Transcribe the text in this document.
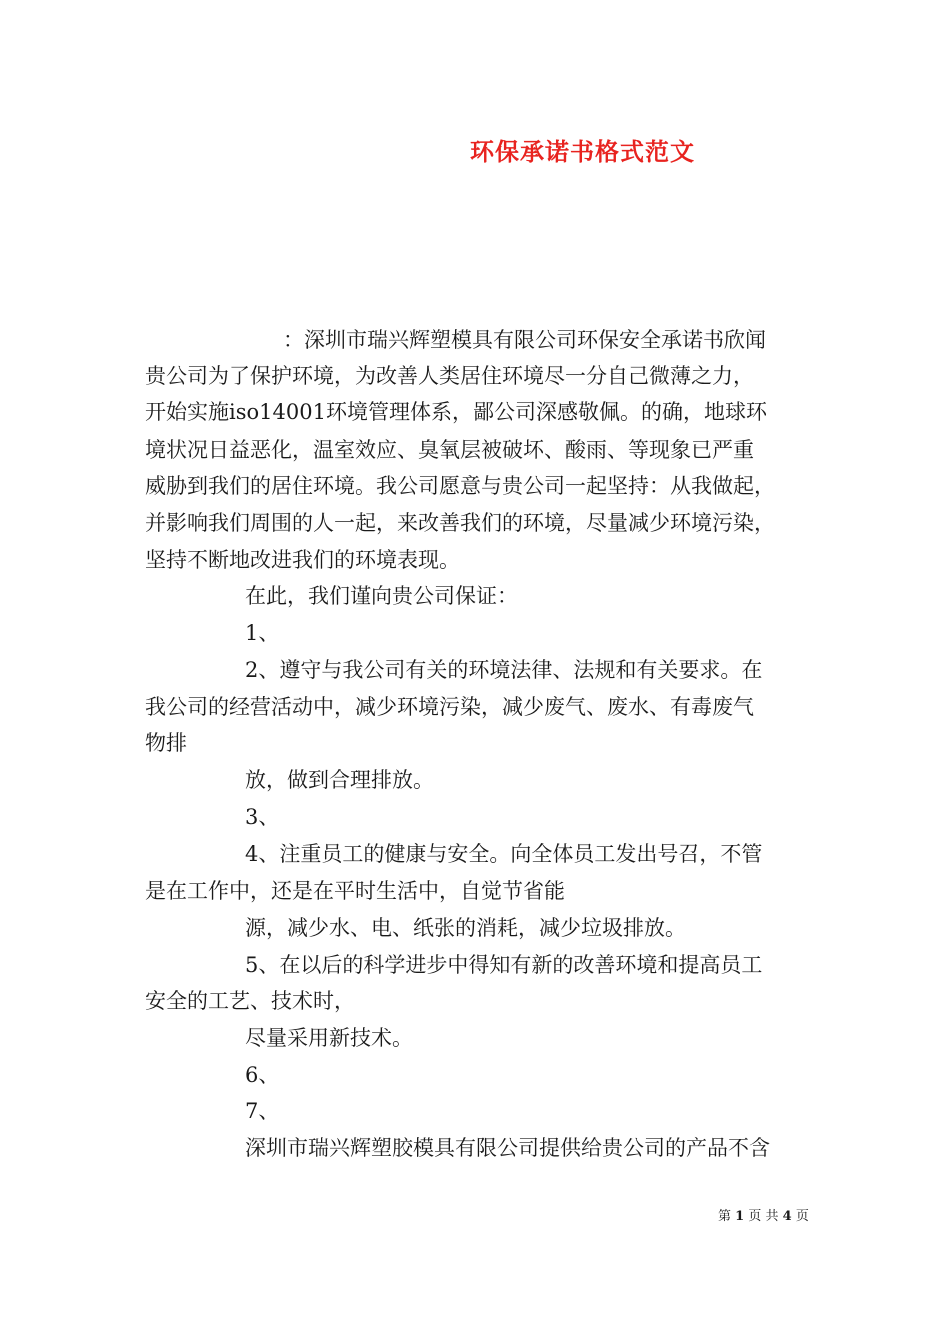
环保承诺书格式范文
：深圳市瑞兴辉塑模具有限公司环保安全承诺书欣闻
贵公司为了保护环境，为改善人类居住环境尽一分自己微薄之力，
开始实施iso14001环境管理体系，鄙公司深感敬佩。的确，地球环
境状况日益恶化，温室效应、臭氧层被破坏、酸雨、等现象已严重
威胁到我们的居住环境。我公司愿意与贵公司一起坚持：从我做起，
并影响我们周围的人一起，来改善我们的环境，尽量减少环境污染，
坚持不断地改进我们的环境表现。
在此，我们谨向贵公司保证：
1、
2、遵守与我公司有关的环境法律、法规和有关要求。在
我公司的经营活动中，减少环境污染，减少废气、废水、有毒废气
物排
放，做到合理排放。
3、
4、注重员工的健康与安全。向全体员工发出号召，不管
是在工作中，还是在平时生活中，自觉节省能
源，减少水、电、纸张的消耗，减少垃圾排放。
5、在以后的科学进步中得知有新的改善环境和提高员工
安全的工艺、技术时，
尽量采用新技术。
6、
7、
深圳市瑞兴辉塑胶模具有限公司提供给贵公司的产品不含
第 1 页 共 4 页
